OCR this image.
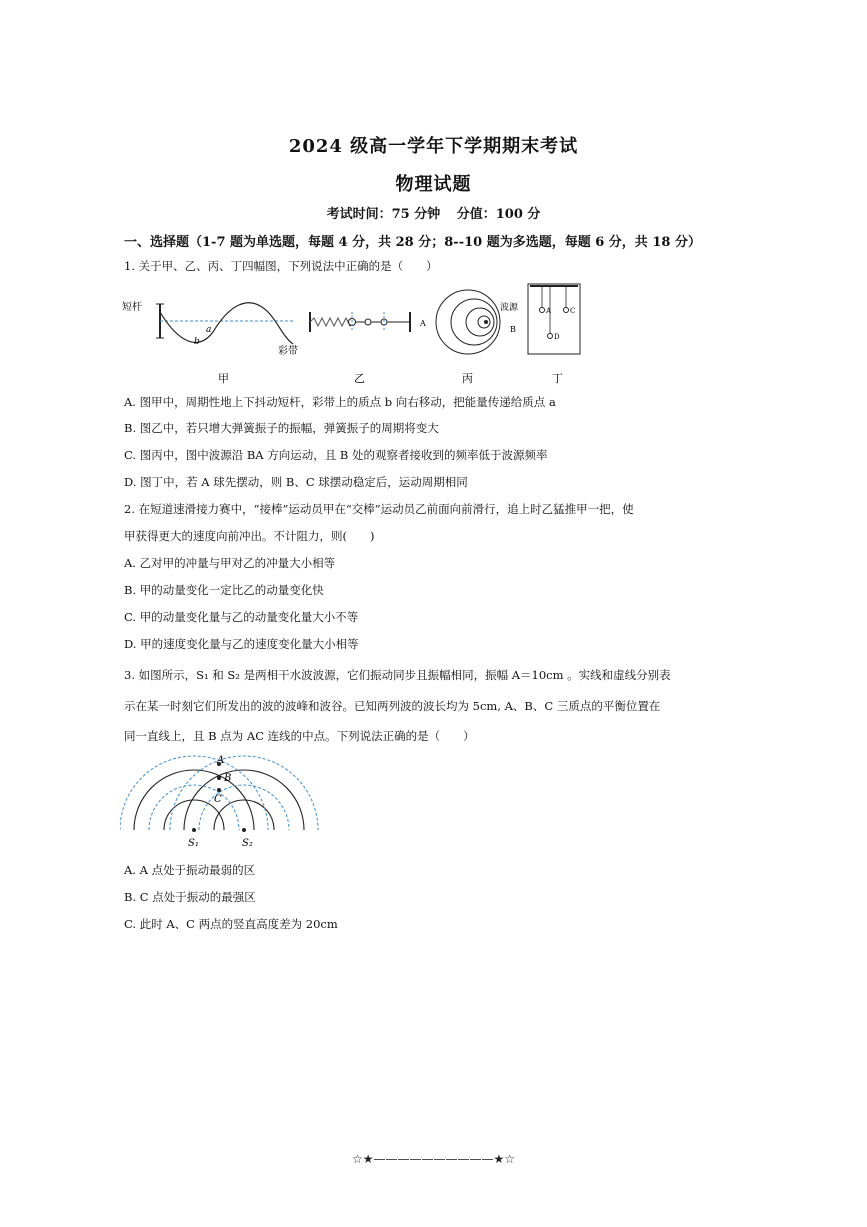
2024 级高一学年下学期期末考试
物理试题
考试时间：75 分钟 分值：100 分
一、选择题（1-7 题为单选题，每题 4 分，共 28 分；8--10 题为多选题，每题 6 分，共 18 分）
1. 关于甲、乙、丙、丁四幅图，下列说法中正确的是（　　）
短杆
彩带
a
b
甲	乙
A
B
波源
丙
A	C
D
丁
A. 图甲中，周期性地上下抖动短杆，彩带上的质点 b 向右移动，把能量传递给质点 a
B. 图乙中，若只增大弹簧振子的振幅，弹簧振子的周期将变大
C. 图丙中，图中波源沿 BA 方向运动，且 B 处的观察者接收到的频率低于波源频率
D. 图丁中，若 A 球先摆动，则 B、C 球摆动稳定后，运动周期相同
2. 在短道速滑接力赛中，“接棒”运动员甲在“交棒”运动员乙前面向前滑行，追上时乙猛推甲一把，使
甲获得更大的速度向前冲出。不计阻力，则(　　)
A. 乙对甲的冲量与甲对乙的冲量大小相等
B. 甲的动量变化一定比乙的动量变化快
C. 甲的动量变化量与乙的动量变化量大小不等
D. 甲的速度变化量与乙的速度变化量大小相等
3. 如图所示，S₁ 和 S₂ 是两相干水波波源，它们振动同步且振幅相同，振幅 A＝10cm 。实线和虚线分别表
示在某一时刻它们所发出的波的波峰和波谷。已知两列波的波长均为 5cm, A、B、C 三质点的平衡位置在
同一直线上，且 B 点为 AC 连线的中点。下列说法正确的是（　　）
A
B
C
S₁	S₂
A. A 点处于振动最弱的区
B. C 点处于振动的最强区
C. 此时 A、C 两点的竖直高度差为 20cm
☆★——————————★☆
